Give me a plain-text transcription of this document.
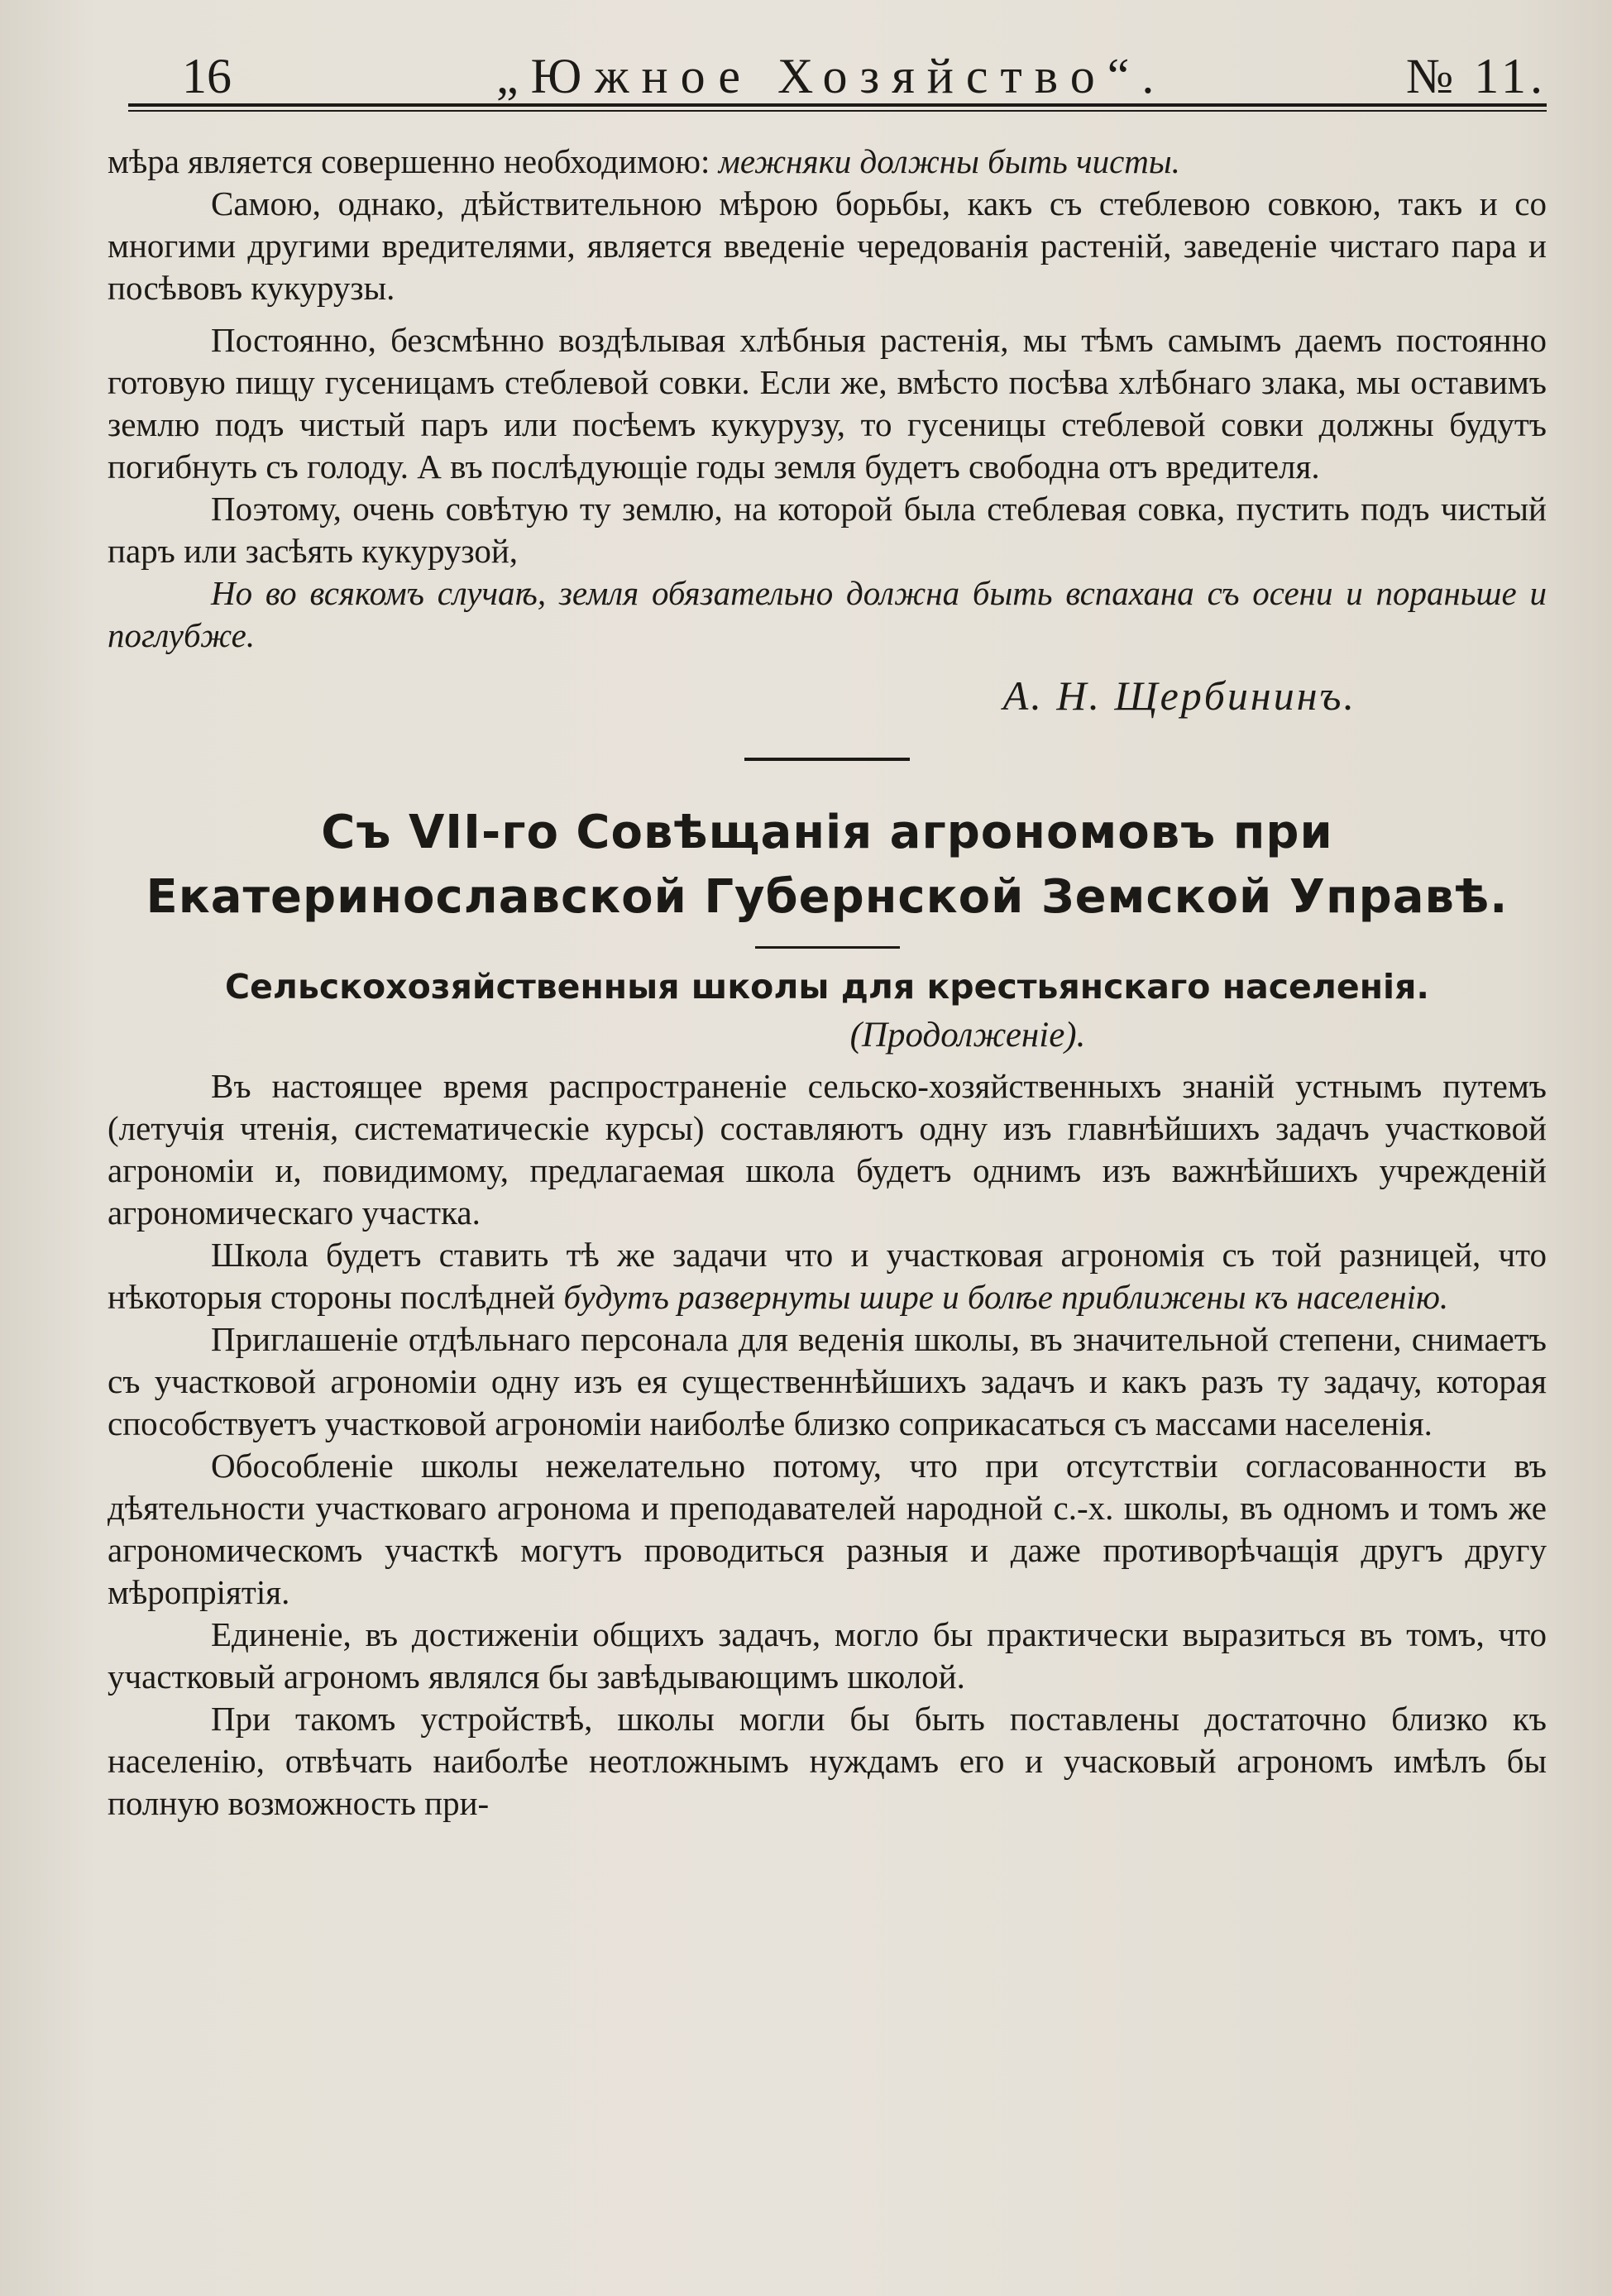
16	„Южное Хозяйство“.	№ 11.

мѣра является совершенно необходимою: межняки должны быть чисты.

Самою, однако, дѣйствительною мѣрою борьбы, какъ съ стеблевою совкою, такъ и со многими другими вредителями, является введенiе чередованiя растенiй, заведенiе чистаго пара и посѣвовъ кукурузы.

Постоянно, безсмѣнно воздѣлывая хлѣбныя растенiя, мы тѣмъ самымъ даемъ постоянно готовую пищу гусеницамъ стеблевой совки. Если же, вмѣсто посѣва хлѣбнаго злака, мы оставимъ землю подъ чистый паръ или посѣемъ кукурузу, то гусеницы стеблевой совки должны будутъ погибнуть съ голоду. А въ послѣдующiе годы земля будетъ свободна отъ вредителя.

Поэтому, очень совѣтую ту землю, на которой была стеблевая совка, пустить подъ чистый паръ или засѣять кукурузой,

Но во всякомъ случаѣ, земля обязательно должна быть вспахана съ осени и пораньше и поглубже.

А. Н. Щербининъ.

Съ VII-го Совѣщанiя агрономовъ при Екатеринославской Губернской Земской Управѣ.
Сельскохозяйственныя школы для крестьянскаго населенiя.

(Продолженiе).

Въ настоящее время распространенiе сельско-хозяйственныхъ знанiй устнымъ путемъ (летучiя чтенiя, систематическiе курсы) составляютъ одну изъ главнѣйшихъ задачъ участковой агрономiи и, повидимому, предлагаемая школа будетъ однимъ изъ важнѣйшихъ учрежденiй агрономическаго участка.

Школа будетъ ставить тѣ же задачи что и участковая агрономiя съ той разницей, что нѣкоторыя стороны послѣдней будутъ развернуты шире и болѣе приближены къ населенiю.

Приглашенiе отдѣльнаго персонала для веденiя школы, въ значительной степени, снимаетъ съ участковой агрономiи одну изъ ея существеннѣйшихъ задачъ и какъ разъ ту задачу, которая способствуетъ участковой агрономiи наиболѣе близко соприкасаться съ массами населенiя.

Обособленiе школы нежелательно потому, что при отсутствiи согласованности въ дѣятельности участковаго агронома и преподавателей народной с.-х. школы, въ одномъ и томъ же агрономическомъ участкѣ могутъ проводиться разныя и даже противорѣчащiя другъ другу мѣропрiятiя.

Единенiе, въ достиженiи общихъ задачъ, могло бы практически выразиться въ томъ, что участковый агрономъ являлся бы завѣдывающимъ школой.

При такомъ устройствѣ, школы могли бы быть поставлены достаточно близко къ населенiю, отвѣчать наиболѣе неотложнымъ нуждамъ его и учасковый агрономъ имѣлъ бы полную возможность при-
